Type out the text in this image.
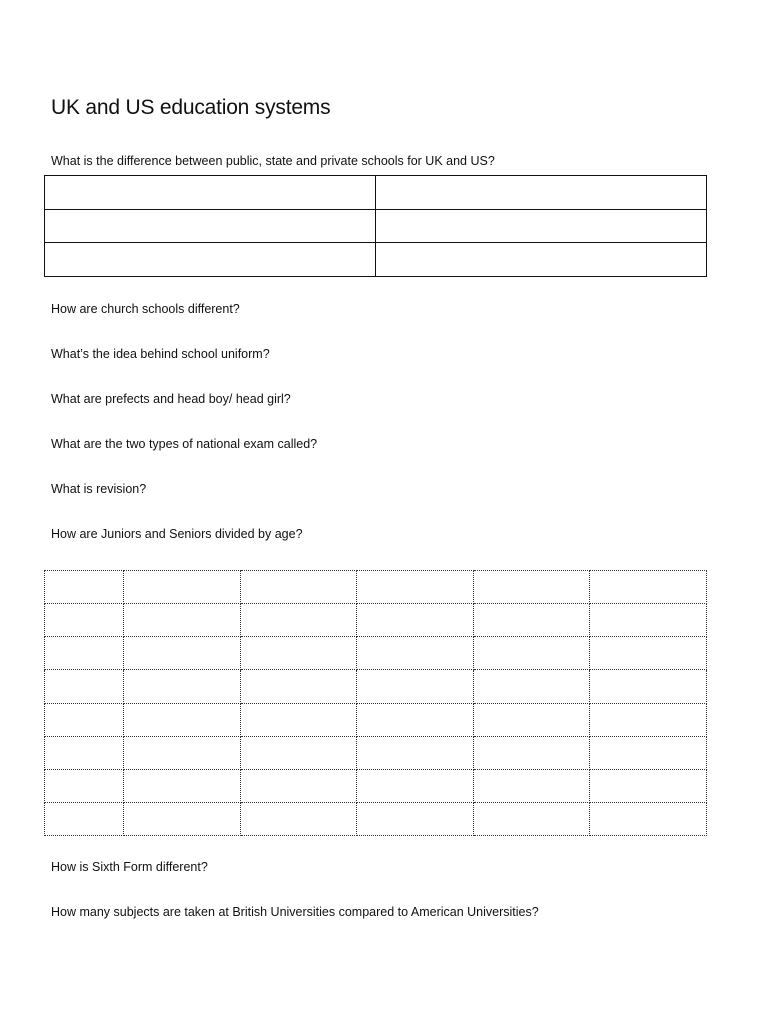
UK and US education systems

What is the difference between public, state and private schools for UK and US?

How are church schools different?

What’s the idea behind school uniform?

What are prefects and head boy/ head girl?

What are the two types of national exam called?

What is revision?

How are Juniors and Seniors divided by age?

How is Sixth Form different?

How many subjects are taken at British Universities compared to American Universities?
